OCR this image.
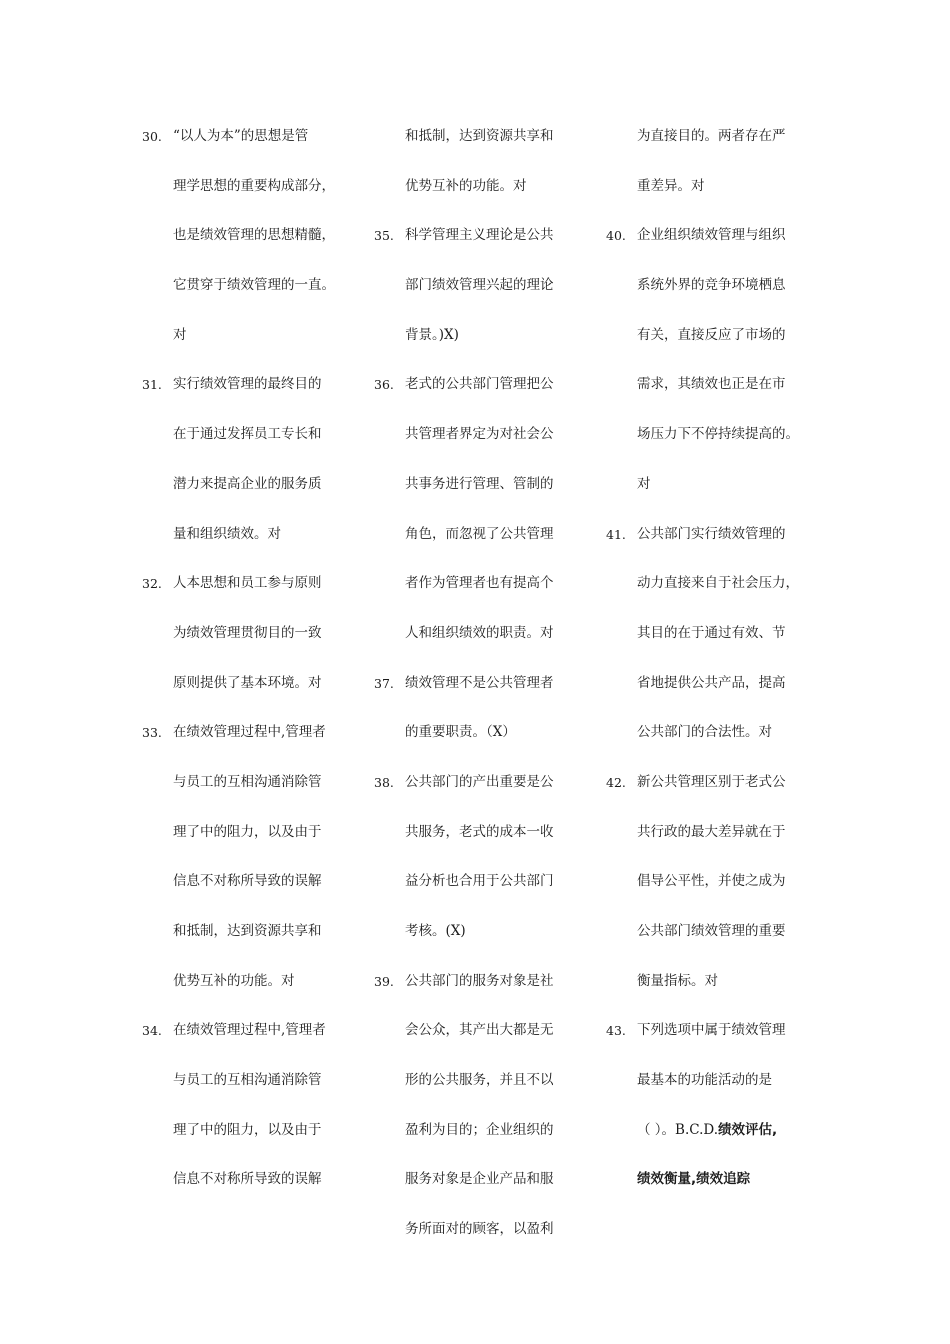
30. “以人为本”的思想是管
理学思想的重要构成部分，
也是绩效管理的思想精髓，
它贯穿于绩效管理的一直。
对
31. 实行绩效管理的最终目的
在于通过发挥员工专长和
潜力来提高企业的服务质
量和组织绩效。对
32. 人本思想和员工参与原则
为绩效管理贯彻目的一致
原则提供了基本环境。对
33. 在绩效管理过程中,管理者
与员工的互相沟通消除管
理了中的阻力，以及由于
信息不对称所导致的误解
和抵制，达到资源共享和
优势互补的功能。对
34. 在绩效管理过程中,管理者
与员工的互相沟通消除管
理了中的阻力，以及由于
信息不对称所导致的误解
和抵制，达到资源共享和
优势互补的功能。对
35. 科学管理主义理论是公共
部门绩效管理兴起的理论
背景。)X)
36. 老式的公共部门管理把公
共管理者界定为对社会公
共事务进行管理、管制的
角色，而忽视了公共管理
者作为管理者也有提高个
人和组织绩效的职责。对
37. 绩效管理不是公共管理者
的重要职责。（X）
38. 公共部门的产出重要是公
共服务，老式的成本一收
益分析也合用于公共部门
考核。(X)
39. 公共部门的服务对象是社
会公众，其产出大都是无
形的公共服务，并且不以
盈利为目的；企业组织的
服务对象是企业产品和服
务所面对的顾客，以盈利
为直接目的。两者存在严
重差异。对
40. 企业组织绩效管理与组织
系统外界的竞争环境栖息
有关，直接反应了市场的
需求，其绩效也正是在市
场压力下不停持续提高的。
对
41. 公共部门实行绩效管理的
动力直接来自于社会压力，
其目的在于通过有效、节
省地提供公共产品，提高
公共部门的合法性。对
42. 新公共管理区别于老式公
共行政的最大差异就在于
倡导公平性，并使之成为
公共部门绩效管理的重要
衡量指标。对
43. 下列选项中属于绩效管理
最基本的功能活动的是
（ ）。B.C.D.绩效评估,
绩效衡量,绩效追踪
